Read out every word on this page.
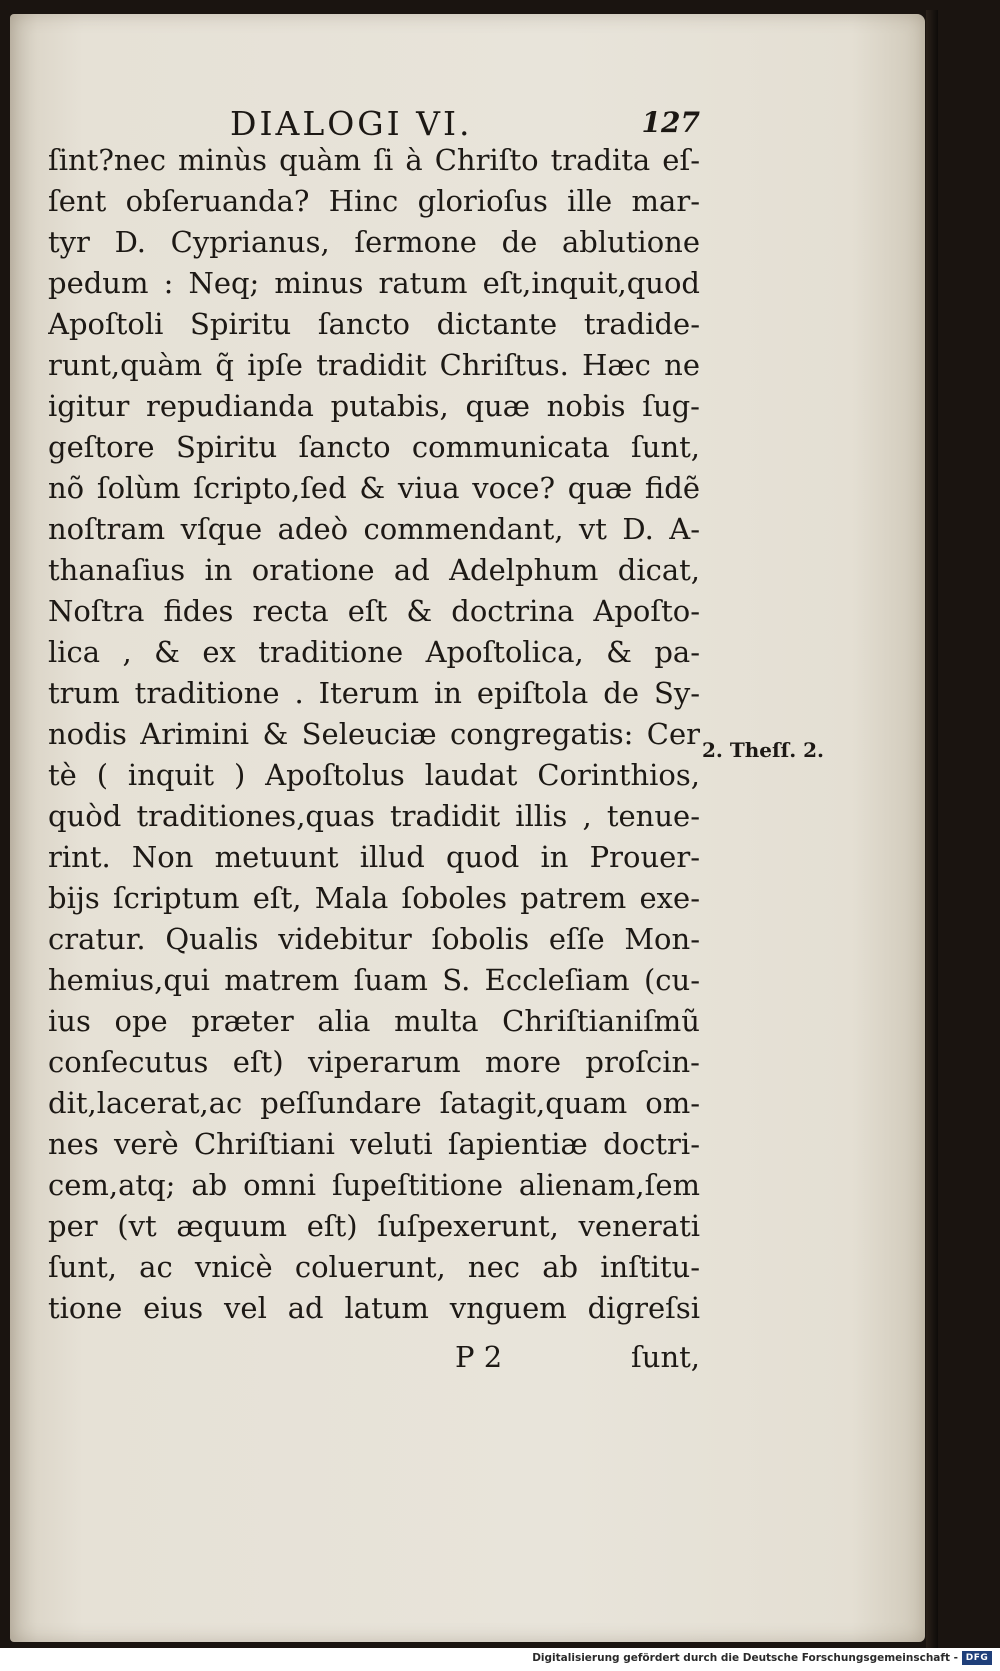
DIALOGI VI.	127
ſint?nec minùs quàm ſi à Chriſto tradita eſ-
ſent obſeruanda? Hinc glorioſus ille mar-
tyr D. Cyprianus, ſermone de ablutione
pedum : Neq; minus ratum eſt,inquit,quod
Apoſtoli Spiritu ſancto dictante tradide-
runt,quàm q̃ ipſe tradidit Chriſtus. Hæc ne
igitur repudianda putabis, quæ nobis ſug-
geſtore Spiritu ſancto communicata ſunt,
nõ ſolùm ſcripto,ſed & viua voce? quæ fidẽ
noſtram vſque adeò commendant, vt D. A-
thanaſius in oratione ad Adelphum dicat,
Noſtra fides recta eſt & doctrina Apoſto-
lica , & ex traditione Apoſtolica, & pa-
trum traditione . Iterum in epiſtola de Sy-
nodis Arimini & Seleuciæ congregatis: Cer
tè ( inquit ) Apoſtolus laudat Corinthios,
quòd traditiones,quas tradidit illis , tenue-
rint. Non metuunt illud quod in Prouer-
bijs ſcriptum eſt, Mala ſoboles patrem exe-
cratur. Qualis videbitur ſobolis eſſe Mon-
hemius,qui matrem ſuam S. Eccleſiam (cu-
ius ope præter alia multa Chriſtianiſmũ
conſecutus eſt) viperarum more proſcin-
dit,lacerat,ac peſſundare ſatagit,quam om-
nes verè Chriſtiani veluti ſapientiæ doctri-
cem,atq; ab omni ſupeſtitione alienam,ſem
per (vt æquum eſt) ſuſpexerunt, venerati
ſunt, ac vnicè coluerunt, nec ab inſtitu-
tione eius vel ad latum vnguem digreſsi
2. Theſſ. 2.
P 2	ſunt,
Digitalisierung gefördert durch die Deutsche Forschungsgemeinschaft - DFG
